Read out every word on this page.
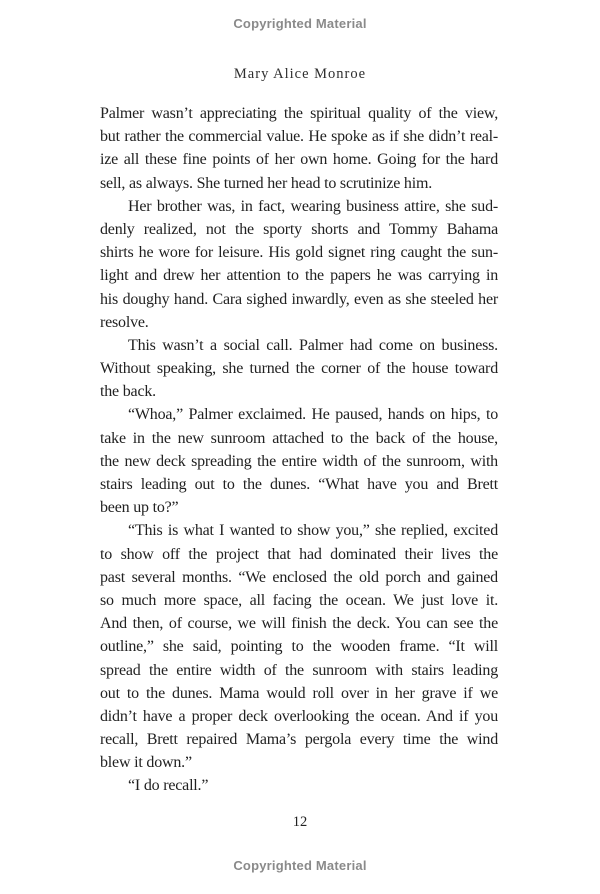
Copyrighted Material
Mary Alice Monroe
Palmer wasn’t appreciating the spiritual quality of the view,
but rather the commercial value. He spoke as if she didn’t real-
ize all these fine points of her own home. Going for the hard
sell, as always. She turned her head to scrutinize him.
Her brother was, in fact, wearing business attire, she sud-
denly realized, not the sporty shorts and Tommy Bahama
shirts he wore for leisure. His gold signet ring caught the sun-
light and drew her attention to the papers he was carrying in
his doughy hand. Cara sighed inwardly, even as she steeled her
resolve.
This wasn’t a social call. Palmer had come on business.
Without speaking, she turned the corner of the house toward
the back.
“Whoa,” Palmer exclaimed. He paused, hands on hips, to
take in the new sunroom attached to the back of the house,
the new deck spreading the entire width of the sunroom, with
stairs leading out to the dunes. “What have you and Brett
been up to?”
“This is what I wanted to show you,” she replied, excited
to show off the project that had dominated their lives the
past several months. “We enclosed the old porch and gained
so much more space, all facing the ocean. We just love it.
And then, of course, we will finish the deck. You can see the
outline,” she said, pointing to the wooden frame. “It will
spread the entire width of the sunroom with stairs leading
out to the dunes. Mama would roll over in her grave if we
didn’t have a proper deck overlooking the ocean. And if you
recall, Brett repaired Mama’s pergola every time the wind
blew it down.”
“I do recall.”
12
Copyrighted Material
